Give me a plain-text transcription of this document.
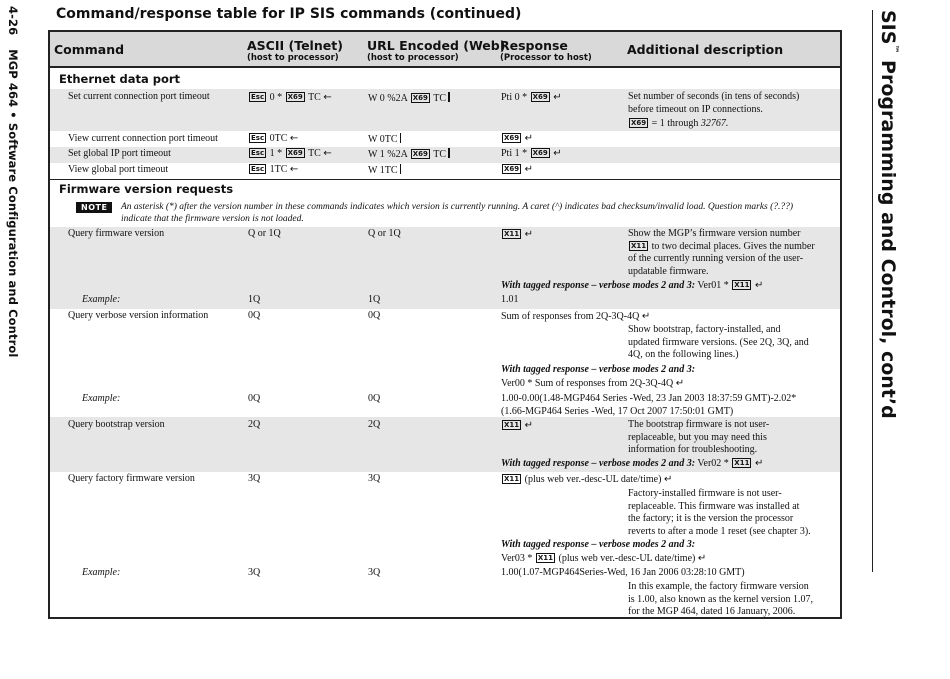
4-26MGP 464 • Software Configuration and Control
SIS™ Programming and Control, cont’d
Command/response table for IP SIS commands (continued)
Command	ASCII (Telnet)
(host to processor)
URL Encoded (Web)
(host to processor)
Response
(Processor to host)
Additional description
Ethernet data port
Set current connection port timeout	Esc 0 * X69 TC ←	W 0 %2A X69 TC	Pti 0 * X69 ↵	Set number of seconds (in tens of seconds)
before timeout on IP connections.
X69 = 1 through 32767.
View current connection port timeout	Esc 0TC ←	W 0TC	X69 ↵
Set global IP port timeout	Esc 1 * X69 TC ←	W 1 %2A X69 TC	Pti 1 * X69 ↵
View global port timeout	Esc 1TC ←	W 1TC	X69 ↵
Firmware version requests
NOTE	An asterisk (*) after the version number in these commands indicates which version is currently running. A caret (^) indicates bad checksum/invalid load. Question marks (?.??)
indicate that the firmware version is not loaded.
Query firmware version	Q or 1Q	Q or 1Q	X11 ↵	Show the MGP’s firmware version number
X11 to two decimal places. Gives the number
of the currently running version of the user-
updatable firmware.
With tagged response – verbose modes 2 and 3: Ver01 * X11 ↵
Example:	1Q	1Q	1.01
Query verbose version information	0Q	0Q	Sum of responses from 2Q-3Q-4Q ↵
Show bootstrap, factory-installed, and
updated firmware versions. (See 2Q, 3Q, and
4Q, on the following lines.)
With tagged response – verbose modes 2 and 3:
Ver00 * Sum of responses from 2Q-3Q-4Q ↵
Example:	0Q	0Q	1.00-0.00(1.48-MGP464 Series -Wed, 23 Jan 2003 18:37:59 GMT)-2.02*
(1.66-MGP464 Series -Wed, 17 Oct 2007 17:50:01 GMT)
Query bootstrap version	2Q	2Q	X11 ↵	The bootstrap firmware is not user-
replaceable, but you may need this
information for troubleshooting.
With tagged response – verbose modes 2 and 3: Ver02 * X11 ↵
Query factory firmware version	3Q	3Q	X11 (plus web ver.-desc-UL date/time) ↵
Factory-installed firmware is not user-
replaceable. This firmware was installed at
the factory; it is the version the processor
reverts to after a mode 1 reset (see chapter 3).
With tagged response – verbose modes 2 and 3:
Ver03 * X11 (plus web ver.-desc-UL date/time) ↵
Example:	3Q	3Q	1.00(1.07-MGP464Series-Wed, 16 Jan 2006 03:28:10 GMT)
In this example, the factory firmware version
is 1.00, also known as the kernel version 1.07,
for the MGP 464, dated 16 January, 2006.
